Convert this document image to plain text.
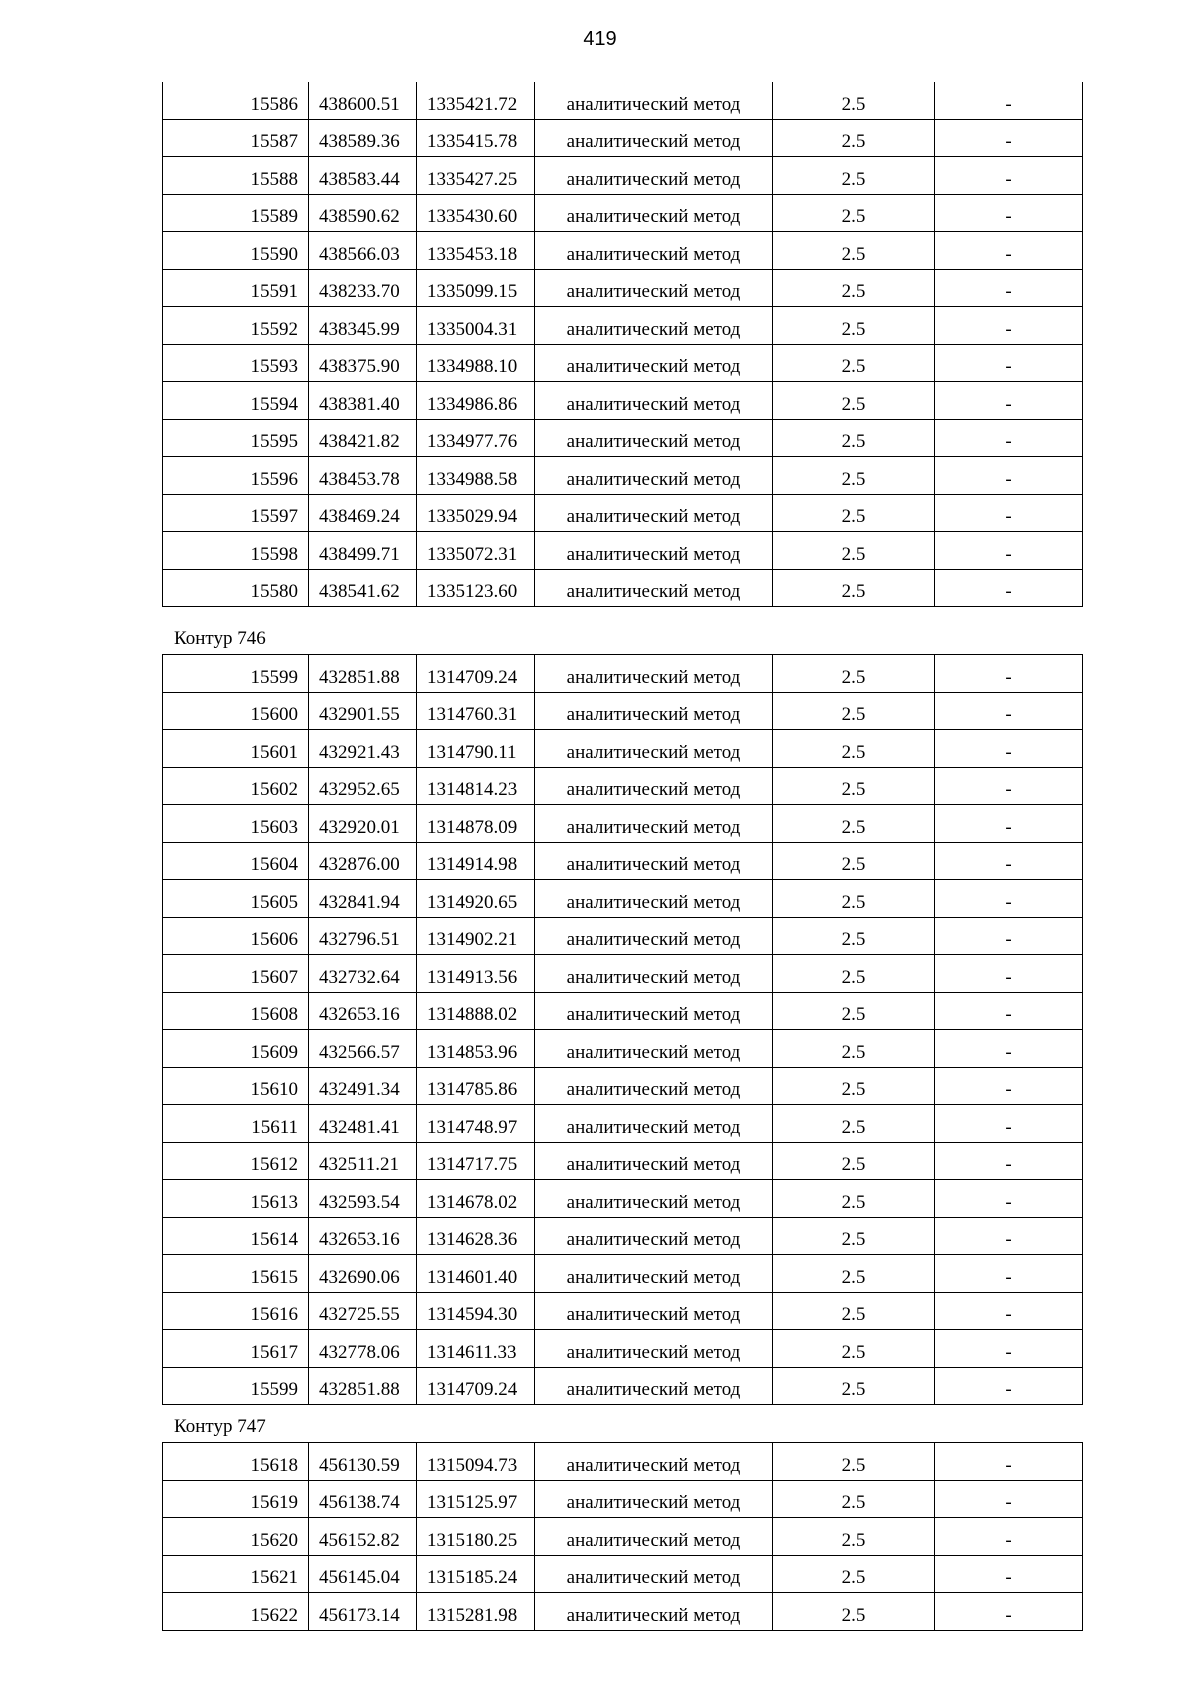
419
15586	438600.51	1335421.72	аналитический метод	2.5	-
15587	438589.36	1335415.78	аналитический метод	2.5	-
15588	438583.44	1335427.25	аналитический метод	2.5	-
15589	438590.62	1335430.60	аналитический метод	2.5	-
15590	438566.03	1335453.18	аналитический метод	2.5	-
15591	438233.70	1335099.15	аналитический метод	2.5	-
15592	438345.99	1335004.31	аналитический метод	2.5	-
15593	438375.90	1334988.10	аналитический метод	2.5	-
15594	438381.40	1334986.86	аналитический метод	2.5	-
15595	438421.82	1334977.76	аналитический метод	2.5	-
15596	438453.78	1334988.58	аналитический метод	2.5	-
15597	438469.24	1335029.94	аналитический метод	2.5	-
15598	438499.71	1335072.31	аналитический метод	2.5	-
15580	438541.62	1335123.60	аналитический метод	2.5	-
Контур 746
15599	432851.88	1314709.24	аналитический метод	2.5	-
15600	432901.55	1314760.31	аналитический метод	2.5	-
15601	432921.43	1314790.11	аналитический метод	2.5	-
15602	432952.65	1314814.23	аналитический метод	2.5	-
15603	432920.01	1314878.09	аналитический метод	2.5	-
15604	432876.00	1314914.98	аналитический метод	2.5	-
15605	432841.94	1314920.65	аналитический метод	2.5	-
15606	432796.51	1314902.21	аналитический метод	2.5	-
15607	432732.64	1314913.56	аналитический метод	2.5	-
15608	432653.16	1314888.02	аналитический метод	2.5	-
15609	432566.57	1314853.96	аналитический метод	2.5	-
15610	432491.34	1314785.86	аналитический метод	2.5	-
15611	432481.41	1314748.97	аналитический метод	2.5	-
15612	432511.21	1314717.75	аналитический метод	2.5	-
15613	432593.54	1314678.02	аналитический метод	2.5	-
15614	432653.16	1314628.36	аналитический метод	2.5	-
15615	432690.06	1314601.40	аналитический метод	2.5	-
15616	432725.55	1314594.30	аналитический метод	2.5	-
15617	432778.06	1314611.33	аналитический метод	2.5	-
15599	432851.88	1314709.24	аналитический метод	2.5	-
Контур 747
15618	456130.59	1315094.73	аналитический метод	2.5	-
15619	456138.74	1315125.97	аналитический метод	2.5	-
15620	456152.82	1315180.25	аналитический метод	2.5	-
15621	456145.04	1315185.24	аналитический метод	2.5	-
15622	456173.14	1315281.98	аналитический метод	2.5	-
